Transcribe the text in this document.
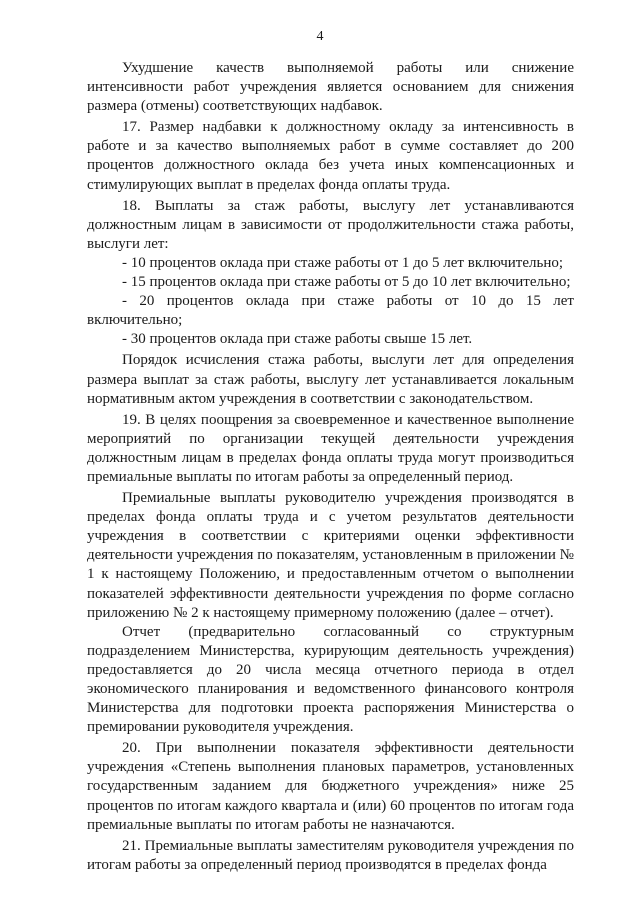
4

Ухудшение качеств выполняемой работы или снижение интенсивности работ учреждения является основанием для снижения размера (отмены) соответствующих надбавок.

17. Размер надбавки к должностному окладу за интенсивность в работе и за качество выполняемых работ в сумме составляет до 200 процентов должностного оклада без учета иных компенсационных и стимулирующих выплат в пределах фонда оплаты труда.

18. Выплаты за стаж работы, выслугу лет устанавливаются должностным лицам в зависимости от продолжительности стажа работы, выслуги лет:

- 10 процентов оклада при стаже работы от 1 до 5 лет включительно;

- 15 процентов оклада при стаже работы от 5 до 10 лет включительно;

- 20 процентов оклада при стаже работы от 10 до 15 лет включительно;

- 30 процентов оклада при стаже работы свыше 15 лет.

Порядок исчисления стажа работы, выслуги лет для определения размера выплат за стаж работы, выслугу лет устанавливается локальным нормативным актом учреждения в соответствии с законодательством.

19. В целях поощрения за своевременное и качественное выполнение мероприятий по организации текущей деятельности учреждения должностным лицам в пределах фонда оплаты труда могут производиться премиальные выплаты по итогам работы за определенный период.

Премиальные выплаты руководителю учреждения производятся в пределах фонда оплаты труда и с учетом результатов деятельности учреждения в соответствии с критериями оценки эффективности деятельности учреждения по показателям, установленным в приложении № 1 к настоящему Положению, и предоставленным отчетом о выполнении показателей эффективности деятельности учреждения по форме согласно приложению № 2 к настоящему примерному положению (далее – отчет).

Отчет (предварительно согласованный со структурным подразделением Министерства, курирующим деятельность учреждения) предоставляется до 20 числа месяца отчетного периода в отдел экономического планирования и ведомственного финансового контроля Министерства для подготовки проекта распоряжения Министерства о премировании руководителя учреждения.

20. При выполнении показателя эффективности деятельности учреждения «Степень выполнения плановых параметров, установленных государственным заданием для бюджетного учреждения» ниже 25 процентов по итогам каждого квартала и (или) 60 процентов по итогам года премиальные выплаты по итогам работы не назначаются.

21. Премиальные выплаты заместителям руководителя учреждения по итогам работы за определенный период производятся в пределах фонда
